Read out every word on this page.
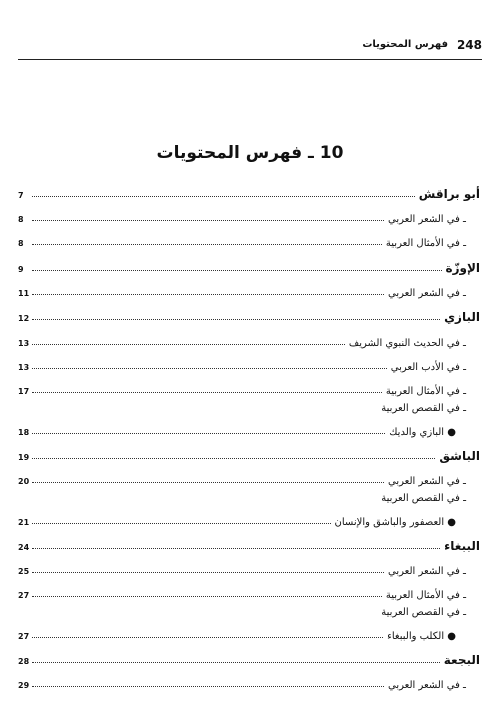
248
فهرس المحتويات
10 ـ فهرس المحتويات
أبو براقش
7
ـ في الشعر العربي
8
ـ في الأمثال العربية
8
الإوزّة
9
ـ في الشعر العربي
11
البازي
12
ـ في الحديث النبوي الشريف
13
ـ في الأدب العربي
13
ـ في الأمثال العربية
17
ـ في القصص العربية
● البازي والديك
18
الباشق
19
ـ في الشعر العربي
20
ـ في القصص العربية
● العصفور والباشق والإنسان
21
الببغاء
24
ـ في الشعر العربي
25
ـ في الأمثال العربية
27
ـ في القصص العربية
● الكلب والببغاء
27
البجعة
28
ـ في الشعر العربي
29
